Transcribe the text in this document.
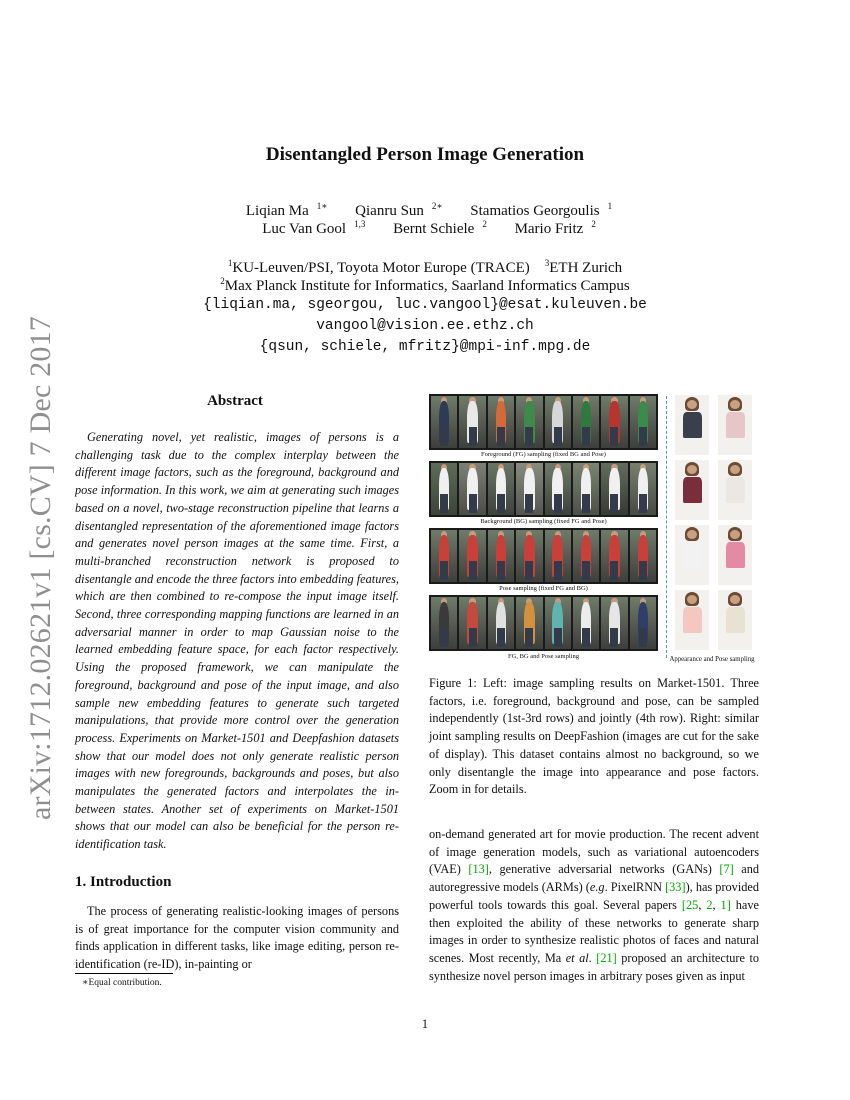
arXiv:1712.02621v1 [cs.CV] 7 Dec 2017
Disentangled Person Image Generation
Liqian Ma $^{1∗}$ Qianru Sun $^{2∗}$ Stamatios Georgoulis $^1$
Luc Van Gool $^{1,3}$ Bernt Schiele $^2$ Mario Fritz $^2$
$^1$KU-Leuven/PSI, Toyota Motor Europe (TRACE) $^3$ETH Zurich
$^2$Max Planck Institute for Informatics, Saarland Informatics Campus
{liqian.ma, sgeorgou, luc.vangool}@esat.kuleuven.be
vangool@vision.ee.ethz.ch
{qsun, schiele, mfritz}@mpi-inf.mpg.de
Abstract
Generating novel, yet realistic, images of persons is a challenging task due to the complex interplay between the different image factors, such as the foreground, background and pose information. In this work, we aim at generating such images based on a novel, two-stage reconstruction pipeline that learns a disentangled representation of the aforementioned image factors and generates novel person images at the same time. First, a multi-branched reconstruction network is proposed to disentangle and encode the three factors into embedding features, which are then combined to re-compose the input image itself. Second, three corresponding mapping functions are learned in an adversarial manner in order to map Gaussian noise to the learned embedding feature space, for each factor respectively. Using the proposed framework, we can manipulate the foreground, background and pose of the input image, and also sample new embedding features to generate such targeted manipulations, that provide more control over the generation process. Experiments on Market-1501 and Deepfashion datasets show that our model does not only generate realistic person images with new foregrounds, backgrounds and poses, but also manipulates the generated factors and interpolates the in-between states. Another set of experiments on Market-1501 shows that our model can also be beneficial for the person re-identification task.
1. Introduction
The process of generating realistic-looking images of persons is of great importance for the computer vision community and finds application in different tasks, like image editing, person re-identification (re-ID), in-painting or
∗Equal contribution.
Foreground (FG) sampling (fixed BG and Pose)
Background (BG) sampling (fixed FG and Pose)
Pose sampling (fixed FG and BG)
FG, BG and Pose sampling	Appearance and Pose sampling
Figure 1: Left: image sampling results on Market-1501. Three factors, i.e. foreground, background and pose, can be sampled independently (1st-3rd rows) and jointly (4th row). Right: similar joint sampling results on DeepFashion (images are cut for the sake of display). This dataset contains almost no background, so we only disentangle the image into appearance and pose factors. Zoom in for details.
on-demand generated art for movie production. The recent advent of image generation models, such as variational autoencoders (VAE) [13], generative adversarial networks (GANs) [7] and autoregressive models (ARMs) (e.g. PixelRNN [33]), has provided powerful tools towards this goal. Several papers [25, 2, 1] have then exploited the ability of these networks to generate sharp images in order to synthesize realistic photos of faces and natural scenes. Most recently, Ma et al. [21] proposed an architecture to synthesize novel person images in arbitrary poses given as input
1
